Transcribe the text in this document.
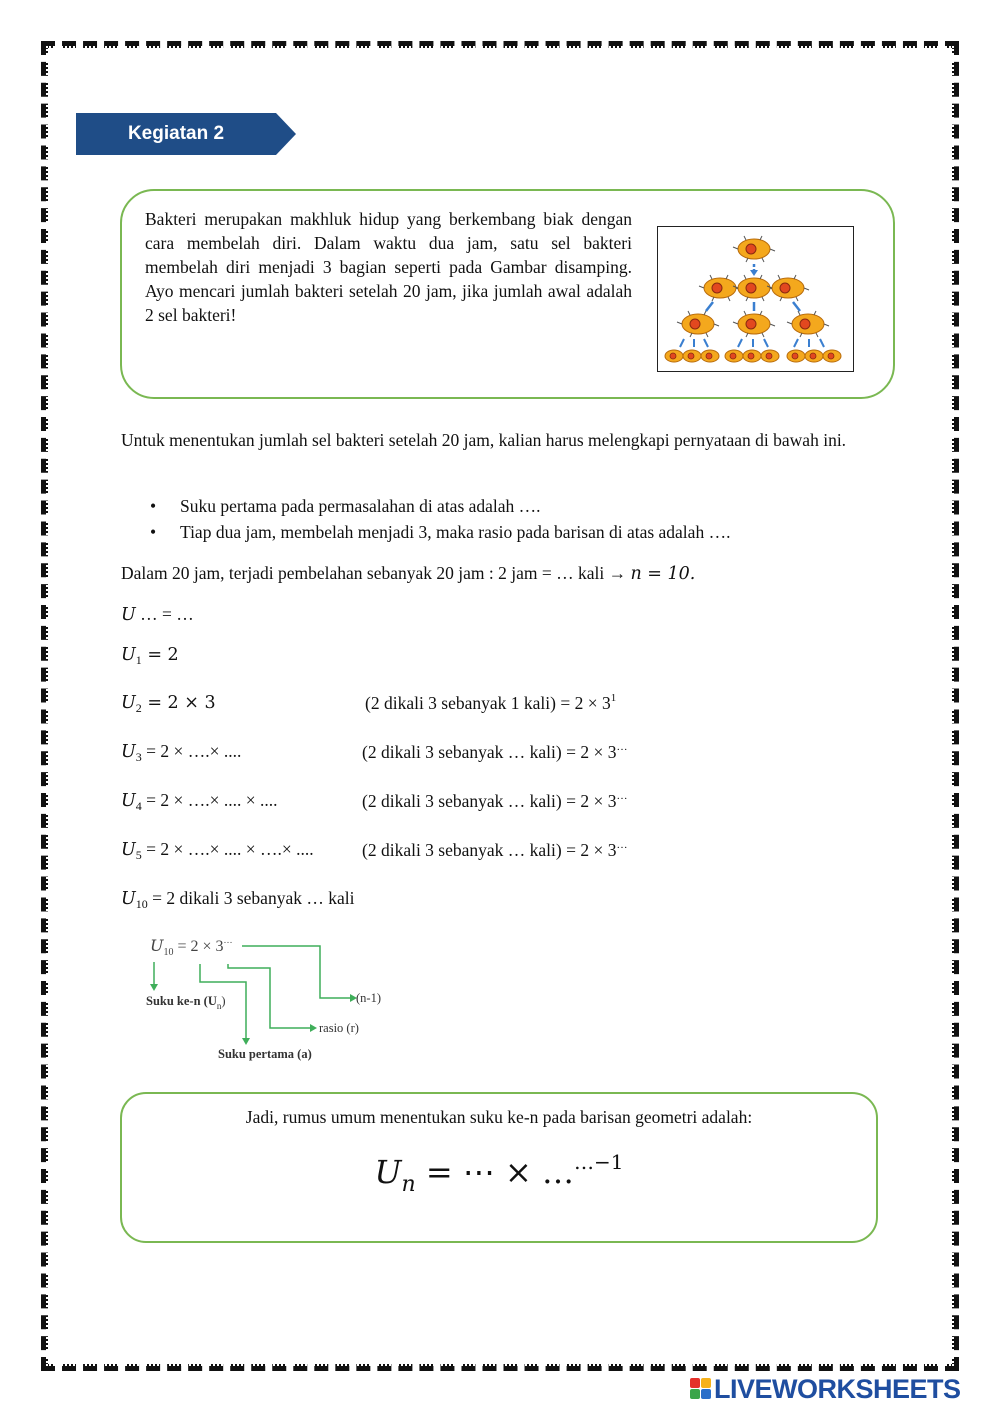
Kegiatan 2

Bakteri merupakan makhluk hidup yang berkembang biak dengan cara membelah diri. Dalam waktu dua jam, satu sel bakteri membelah diri menjadi 3 bagian seperti pada Gambar disamping. Ayo mencari jumlah bakteri setelah 20 jam, jika jumlah awal adalah 2 sel bakteri!

Untuk menentukan jumlah sel bakteri setelah 20 jam, kalian harus melengkapi pernyataan di bawah ini.

• Suku pertama pada permasalahan di atas adalah ….

• Tiap dua jam, membelah menjadi 3, maka rasio pada barisan di atas adalah ….

Dalam 20 jam, terjadi pembelahan sebanyak 20 jam : 2 jam = … kali → n = 10.

U … = …

$U_1 = 2$
$U_2 = 2 \times 3$	(2 dikali 3 sebanyak 1 kali) = $2 \times 3^1$
$U_3 = 2$ × ….× ....	(2 dikali 3 sebanyak … kali) = 2 × 3…
$U_4 = 2$ × ….× .... × ....	(2 dikali 3 sebanyak … kali) = 2 × 3…
$U_5 = 2$ × ….× .... × ….× ....	(2 dikali 3 sebanyak … kali) = 2 × 3…
$U_{10} = 2$ dikali 3 sebanyak … kali
$U_{10} = 2 \times 3^\dots$
Suku ke-n $(U_n)$	(n-1)
rasio (r)
Suku pertama (a)

Jadi, rumus umum menentukan suku ke-n pada barisan geometri adalah:

$U_n$ = ⋯ × …$^{\dots-1}$

LIVEWORKSHEETS
